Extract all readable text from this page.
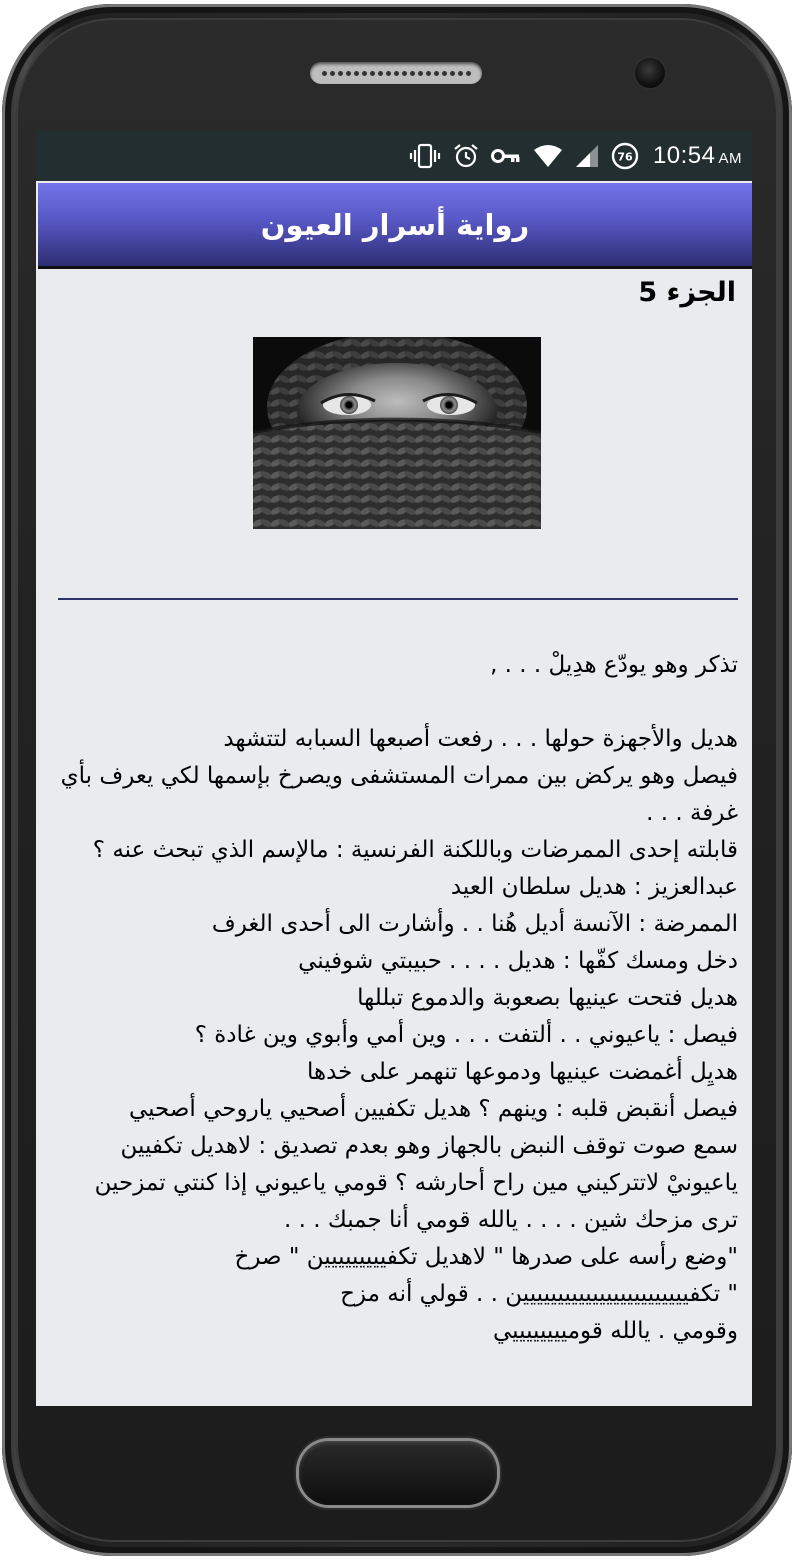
76 10:54 AM
رواية أسرار العيون
الجزء 5

تذكر وهو يودّع هدِيلْ . . . ,

هديل والأجهزة حولها . . . رفعت أصبعها السبابه لتتشهد

فيصل وهو يركض بين ممرات المستشفى ويصرخ بإسمها لكي يعرف بأي غرفة . . .

قابلته إحدى الممرضات وباللكنة الفرنسية : مالإسم الذي تبحث عنه ؟

عبدالعزيز : هديل سلطان العيد

الممرضة : الآنسة أديل هُنا . . وأشارت الى أحدى الغرف

دخل ومسك كفّها : هديل . . . . حبيبتي شوفيني

هديل فتحت عينيها بصعوبة والدموع تبللها

فيصل : ياعيوني . . ألتفت . . . وين أمي وأبوي وين غادة ؟

هديِل أغمضت عينيها ودموعها تنهمر على خدها

فيصل أنقبض قلبه : وينهم ؟ هديل تكفيين أصحيي ياروحي أصحيي

سمع صوت توقف النبض بالجهاز وهو بعدم تصديق : لاهديل تكفيين ياعيونيْ لاتتركيني مين راح أحارشه ؟ قومي ياعيوني إذا كنتي تمزحين ترى مزحك شين . . . . يالله قومي أنا جمبك . . .

"وضع رأسه على صدرها " لاهديل تكفييييييييين " صرخ

" تكفيييييييييييييييييييييييين . . قولي أنه مزح

وقومي . يالله قومييييييييي
